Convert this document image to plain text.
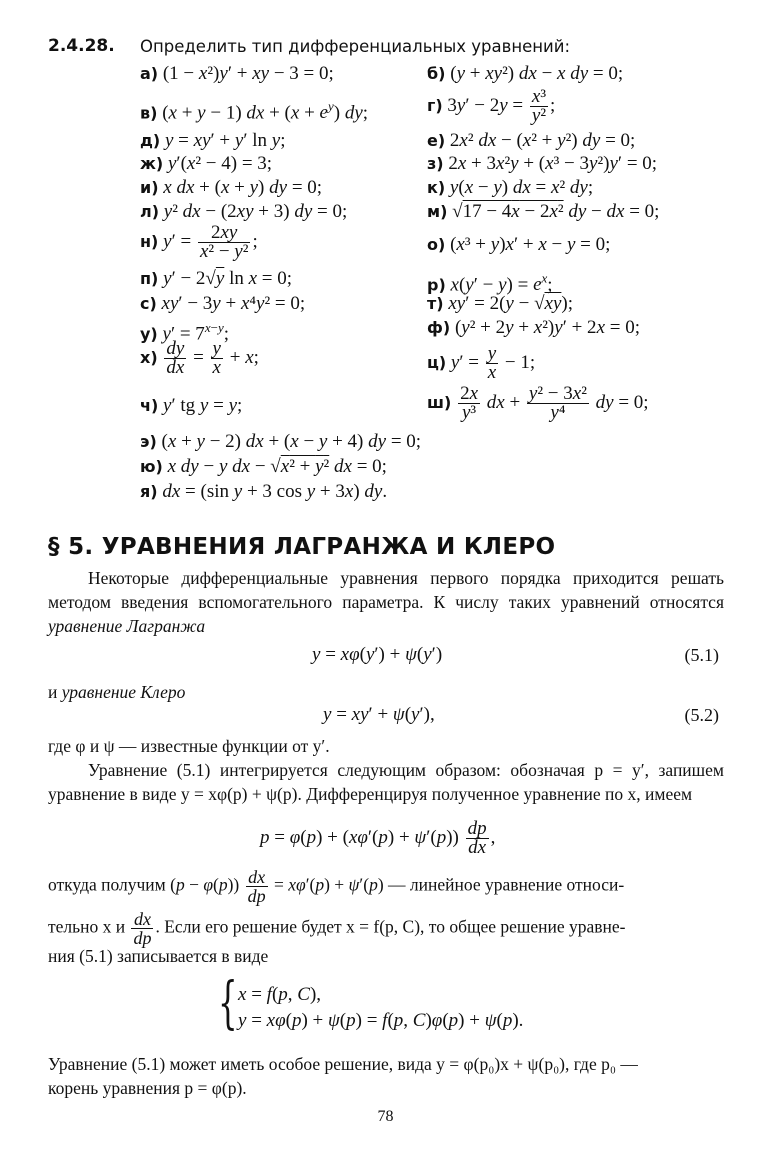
2.4.28. Определить тип дифференциальных уравнений:
а) (1 − x²)y′ + xy − 3 = 0;
в) (x + y − 1) dx + $(x + e^y)$ dy;
д) y = xy′ + y′ ln y;
ж) y′(x² − 4) = 3;
и) x dx + (x + y) dy = 0;
л) y² dx − (2xy + 3) dy = 0;
н) $y' = \frac{2xy}{\text{x² − y²}}$ ;
п) y′ − 2√y ln x = 0;
с) xy′ − 3y + x⁴y² = 0;
у) $y' = 7^{x-y}$;
$х) \frac{dy}{dx} = \frac{y}{x} + x$;
ч) y′ tg y = y;
э) (x + y − 2) dx + (x − y + 4) dy = 0;
ю) x dy − y dx − √x² + y² dx = 0;
я) dx = (sin y + 3 cos y + 3x) dy.
б) (y + xy²) dx − x dy = 0;
г) $3y' - 2y = \frac{\text{x³}}{\text{y²}}$ ;
е) 2x² dx − (x² + y²) dy = 0;
з) 2x + 3x²y + (x³ − 3y²)y′ = 0;
к) y(x − y) dx = x² dy;
м) √17 − 4x − 2x² dy − dx = 0;
о) (x³ + y)x′ + x − y = 0;
р) $x(y' - y) = e^x$;
т) xy′ = 2(y − √xy);
ф) (y² + 2y + x²)y′ + 2x = 0;
ц) $y' = \frac{y}{x} - 1$;
$ш) \frac{2x}{\text{y³}}$ dx + $\frac{\text{y² − 3x²}}{\text{y⁴}}$ dy = 0;
§ 5. УРАВНЕНИЯ ЛАГРАНЖА И КЛЕРО
Некоторые дифференциальные уравнения первого порядка приходится решать методом введения вспомогательного параметра. К числу таких уравнений относятся уравнение Лагранжа
y = xφ(y′) + ψ(y′)	(5.1)
и уравнение Клеро
y = xy′ + ψ(y′),	(5.2)
где φ и ψ — известные функции от y′.
Уравнение (5.1) интегрируется следующим образом: обозначая p = y′, запишем уравнение в виде y = xφ(p) + ψ(p). Дифференцируя полученное уравнение по x, имеем
$p = \varphi(p) + (x\varphi'(p) + \psi'(p)) \frac{dp}{dx}$ ,
откуда получим $(p - \varphi(p)) \frac{dx}{dp} = x\varphi'(p) + \psi'(p)$ — линейное уравнение относи-
тельно x и $\frac{dx}{dp}$ . Если его решение будет x = f(p, C), то общее решение уравне-
ния (5.1) записывается в виде
{ x = f(p, C),
y = xφ(p) + ψ(p) = f(p, C)φ(p) + ψ(p).
Уравнение (5.1) может иметь особое решение, вида y = φ(p₀)x + ψ(p₀), где p₀ —
корень уравнения p = φ(p).
78
